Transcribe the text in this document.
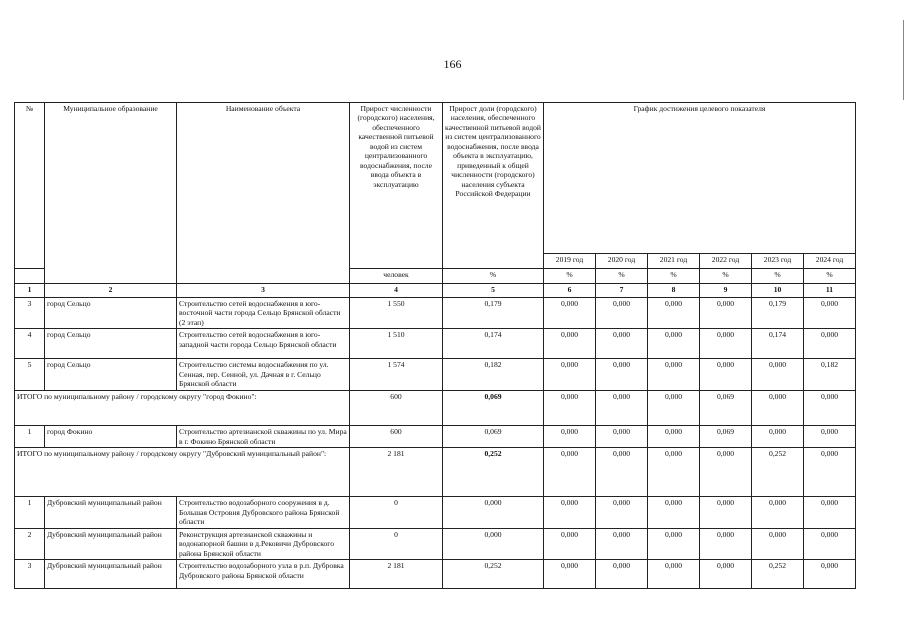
166
№	Муниципальное образование	Наименование объекта	Прирост численности (городского) населения, обеспеченного качественной питьевой водой из систем централизованного водоснабжения, после ввода объекта в эксплуатацию	Прирост доли (городского) населения, обеспеченного качественной питьевой водой из систем централизованного водоснабжения, после ввода объекта в эксплуатацию, приведенный к общей численности (городского) населения субъекта Российской Федерации	График достижения целевого показателя					
					2019 год	2020 год	2021 год	2022 год	2023 год	2024 год
			человек	%	%	%	%	%	%	%
1	2	3	4	5	6	7	8	9	10	11
3	город Сельцо	Строительство сетей водоснабжения в юго-восточной части города Сельцо Брянской области (2 этап)	1 550	0,179	0,000	0,000	0,000	0,000	0,179	0,000
4	город Сельцо	Строительство сетей водоснабжения в юго-западной части города Сельцо Брянской области	1 510	0,174	0,000	0,000	0,000	0,000	0,174	0,000
5	город Сельцо	Строительство системы водоснабжения по ул. Сенная, пер. Сенной, ул. Дачная в г. Сельцо Брянской области	1 574	0,182	0,000	0,000	0,000	0,000	0,000	0,182
ИТОГО по муниципальному району / городскому округу "город Фокино":			600	0,069	0,000	0,000	0,000	0,069	0,000	0,000
1	город Фокино	Строительство артезианской скважины по ул. Мира в г. Фокино Брянской области	600	0,069	0,000	0,000	0,000	0,069	0,000	0,000
ИТОГО по муниципальному району / городскому округу "Дубровский муниципальный район":			2 181	0,252	0,000	0,000	0,000	0,000	0,252	0,000
1	Дубровский муниципальный район	Строительство водозаборного сооружения в д. Большая Островня Дубровского района Брянской области	0	0,000	0,000	0,000	0,000	0,000	0,000	0,000
2	Дубровский муниципальный район	Реконструкция артезианской скважины и водонапорной башни в д.Рековичи Дубровского района Брянской области	0	0,000	0,000	0,000	0,000	0,000	0,000	0,000
3	Дубровский муниципальный район	Строительство водозаборного узла в р.п. Дубровка Дубровского района Брянской области	2 181	0,252	0,000	0,000	0,000	0,000	0,252	0,000
